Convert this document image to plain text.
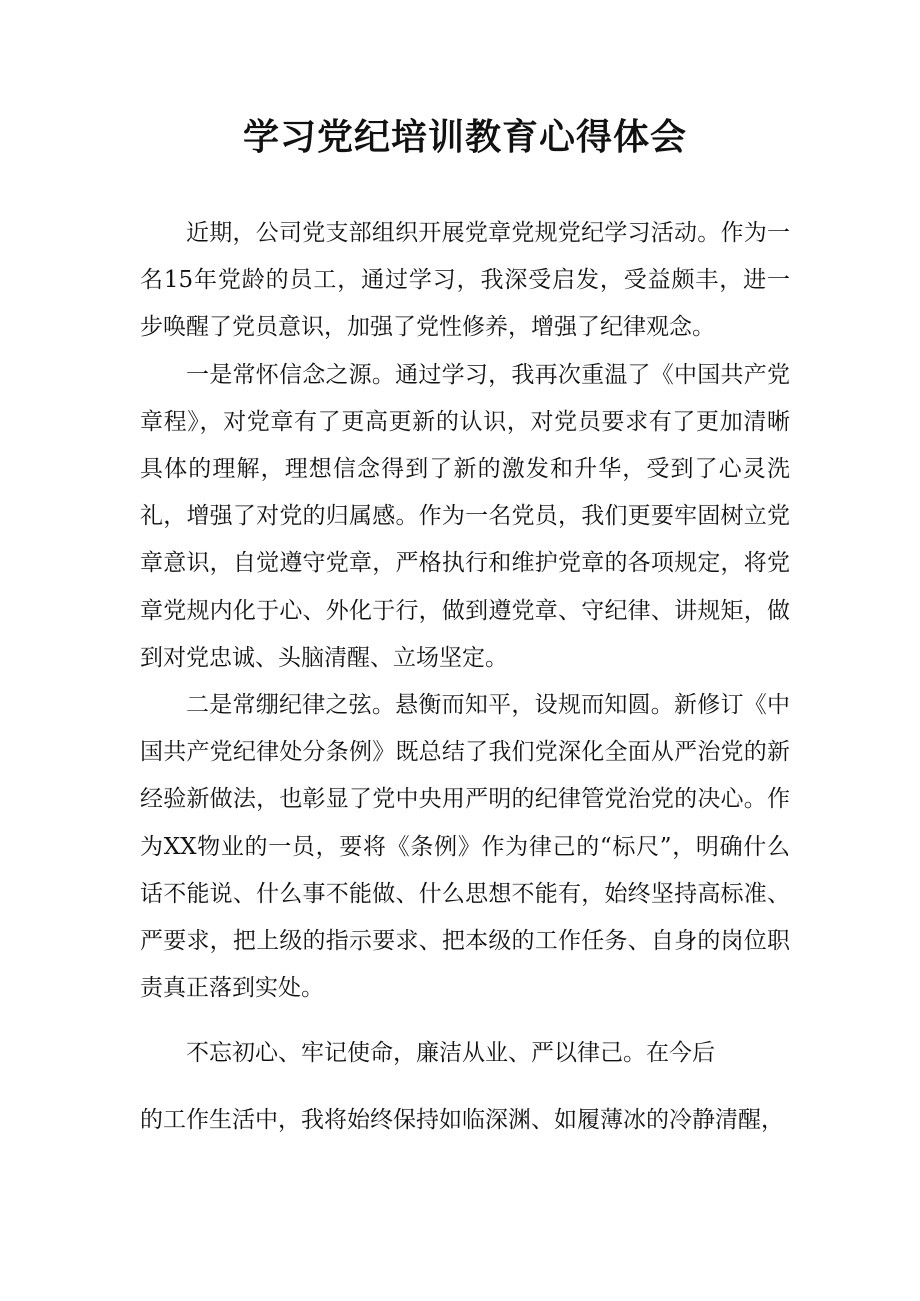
学习党纪培训教育心得体会

近期，公司党支部组织开展党章党规党纪学习活动。作为一名15年党龄的员工，通过学习，我深受启发，受益颇丰，进一步唤醒了党员意识，加强了党性修养，增强了纪律观念。

一是常怀信念之源。通过学习，我再次重温了《中国共产党章程》，对党章有了更高更新的认识，对党员要求有了更加清晰具体的理解，理想信念得到了新的激发和升华，受到了心灵洗礼，增强了对党的归属感。作为一名党员，我们更要牢固树立党章意识，自觉遵守党章，严格执行和维护党章的各项规定，将党章党规内化于心、外化于行，做到遵党章、守纪律、讲规矩，做到对党忠诚、头脑清醒、立场坚定。

二是常绷纪律之弦。悬衡而知平，设规而知圆。新修订《中国共产党纪律处分条例》既总结了我们党深化全面从严治党的新经验新做法，也彰显了党中央用严明的纪律管党治党的决心。作为XX物业的一员，要将《条例》作为律己的“标尺”，明确什么话不能说、什么事不能做、什么思想不能有，始终坚持高标准、严要求，把上级的指示要求、把本级的工作任务、自身的岗位职责真正落到实处。

不忘初心、牢记使命，廉洁从业、严以律己。在今后

的工作生活中，我将始终保持如临深渊、如履薄冰的冷静清醒，
